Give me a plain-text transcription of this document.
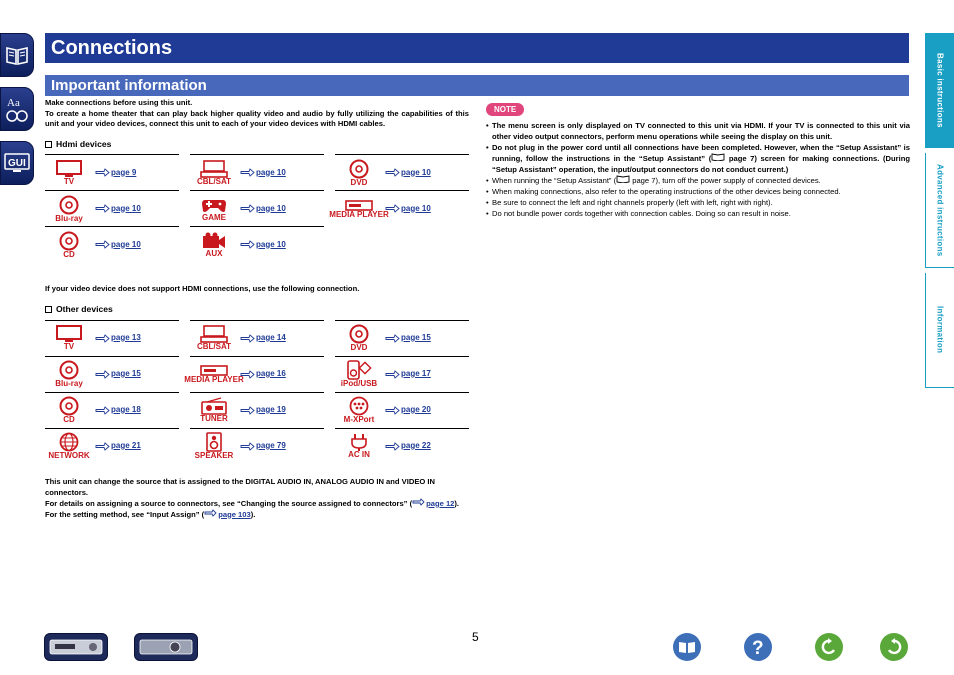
Aa
GUI
Basic instructions
Advanced instructions
Information
Connections
Important information

Make connections before using this unit.

To create a home theater that can play back higher quality video and audio by fully utilizing the capabilities of this unit and your video devices, connect this unit to each of your video devices with HDMI cables.

Hdmi devices
TV
page 9
CBL/SAT
page 10
DVD
page 10
Blu-ray
page 10
GAME
page 10
MEDIA PLAYER
page 10
CD
page 10
AUX
page 10

If your video device does not support HDMI connections, use the following connection.

Other devices
TV
page 13
CBL/SAT
page 14
DVD
page 15
Blu-ray
page 15
MEDIA PLAYER
page 16
iPod/USB
page 17
CD
page 18
TUNER
page 19
M-XPort
page 20
NETWORK
page 21
SPEAKER
page 79
AC IN
page 22

This unit can change the source that is assigned to the DIGITAL AUDIO IN, ANALOG AUDIO IN and VIDEO IN connectors.

For details on assigning a source to connectors, see “Changing the source assigned to connectors” ( page 12). For the setting method, see “Input Assign” ( page 103).

NOTE
• The menu screen is only displayed on TV connected to this unit via HDMI. If your TV is connected to this unit via other video output connectors, perform menu operations while seeing the display on this unit.
• Do not plug in the power cord until all connections have been completed. However, when the “Setup Assistant” is running, follow the instructions in the “Setup Assistant” ( page 7) screen for making connections. (During “Setup Assistant” operation, the input/output connectors do not conduct current.)
• When running the “Setup Assistant” ( page 7), turn off the power supply of connected devices.
• When making connections, also refer to the operating instructions of the other devices being connected.
• Be sure to connect the left and right channels properly (left with left, right with right).
• Do not bundle power cords together with connection cables. Doing so can result in noise.
5
?
